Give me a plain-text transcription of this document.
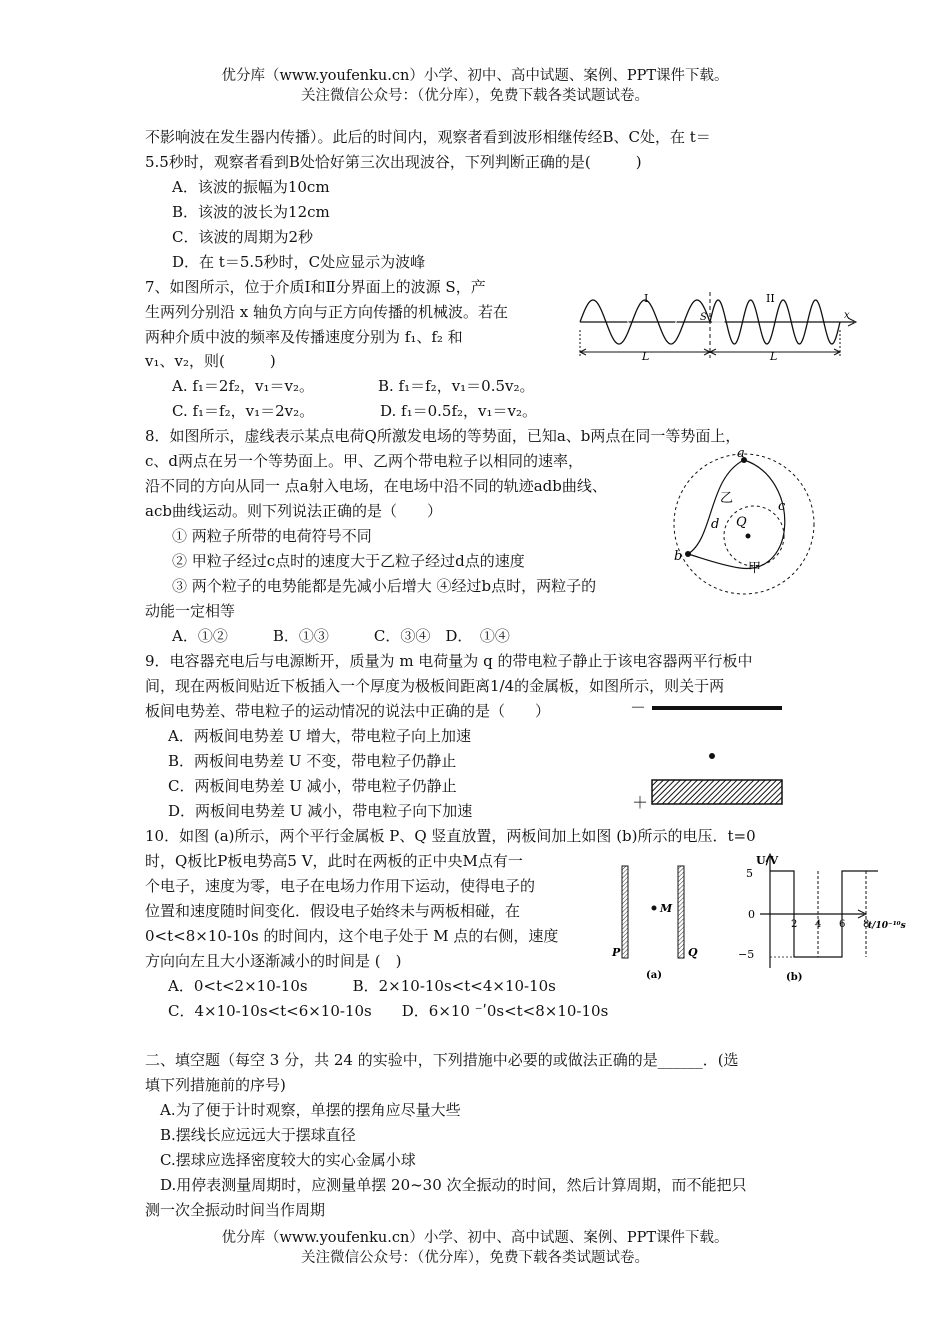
优分库（www.youfenku.cn）小学、初中、高中试题、案例、PPT课件下载。
关注微信公众号：（优分库），免费下载各类试题试卷。
不影响波在发生器内传播）。此后的时间内，观察者看到波形相继传经B、C处，在 t＝
5.5秒时，观察者看到B处恰好第三次出现波谷，下列判断正确的是(　　　)
A．该波的振幅为10cm
B．该波的波长为12cm
C．该波的周期为2秒
D．在 t＝5.5秒时，C处应显示为波峰
7、如图所示，位于介质Ⅰ和Ⅱ分界面上的波源 S，产
生两列分别沿 x 轴负方向与正方向传播的机械波。若在
两种介质中波的频率及传播速度分别为 f₁、f₂ 和
v₁、v₂，则(　　　)
A. f₁＝2f₂，v₁＝v₂。	B. f₁＝f₂，v₁＝0.5v₂。
C. f₁＝f₂，v₁＝2v₂。	D. f₁＝0.5f₂，v₁＝v₂。
I	II
S	x
L	L
8．如图所示，虚线表示某点电荷Q所激发电场的等势面，已知a、b两点在同一等势面上，
c、d两点在另一个等势面上。甲、乙两个带电粒子以相同的速率，
沿不同的方向从同一 点a射入电场，在电场中沿不同的轨迹adb曲线、
acb曲线运动。则下列说法正确的是（　　）
① 两粒子所带的电荷符号不同
② 甲粒子经过c点时的速度大于乙粒子经过d点的速度
③ 两个粒子的电势能都是先减小后增大 ④经过b点时，两粒子的
动能一定相等
A．①②　　　B．①③　　　C．③④　D．　①④
a
b
c
d Q
乙
甲
9．电容器充电后与电源断开，质量为 m 电荷量为 q 的带电粒子静止于该电容器两平行板中
间，现在两板间贴近下板插入一个厚度为极板间距离1/4的金属板，如图所示，则关于两
板间电势差、带电粒子的运动情况的说法中正确的是（　　）
A．两板间电势差 U 增大，带电粒子向上加速
B．两板间电势差 U 不变，带电粒子仍静止
C．两板间电势差 U 减小，带电粒子仍静止
D．两板间电势差 U 减小，带电粒子向下加速
－
＋
10．如图 (a)所示，两个平行金属板 P、Q 竖直放置，两板间加上如图 (b)所示的电压．t=0
时，Q板比P板电势高5 V，此时在两板的正中央M点有一
个电子，速度为零，电子在电场力作用下运动，使得电子的
位置和速度随时间变化．假设电子始终未与两板相碰，在
0<t<8×10-10s 的时间内，这个电子处于 M 点的右侧，速度
方向向左且大小逐渐减小的时间是 (　)
A．0<t<2×10-10s　　　B．2×10-10s<t<4×10-10s
C．4×10-10s<t<6×10-10s　　D．6×10 ⁻ʹ0s<t<8×10-10s
M
P	Q
(a)
U/V
t/10⁻¹⁰s
5
0
−5
2 4 6 8
(b)
二、填空题（每空 3 分，共 24 的实验中，下列措施中必要的或做法正确的是______．(选
填下列措施前的序号)
A.为了便于计时观察，单摆的摆角应尽量大些
B.摆线长应远远大于摆球直径
C.摆球应选择密度较大的实心金属小球
D.用停表测量周期时，应测量单摆 20~30 次全振动的时间，然后计算周期，而不能把只
测一次全振动时间当作周期
优分库（www.youfenku.cn）小学、初中、高中试题、案例、PPT课件下载。
关注微信公众号：（优分库），免费下载各类试题试卷。
